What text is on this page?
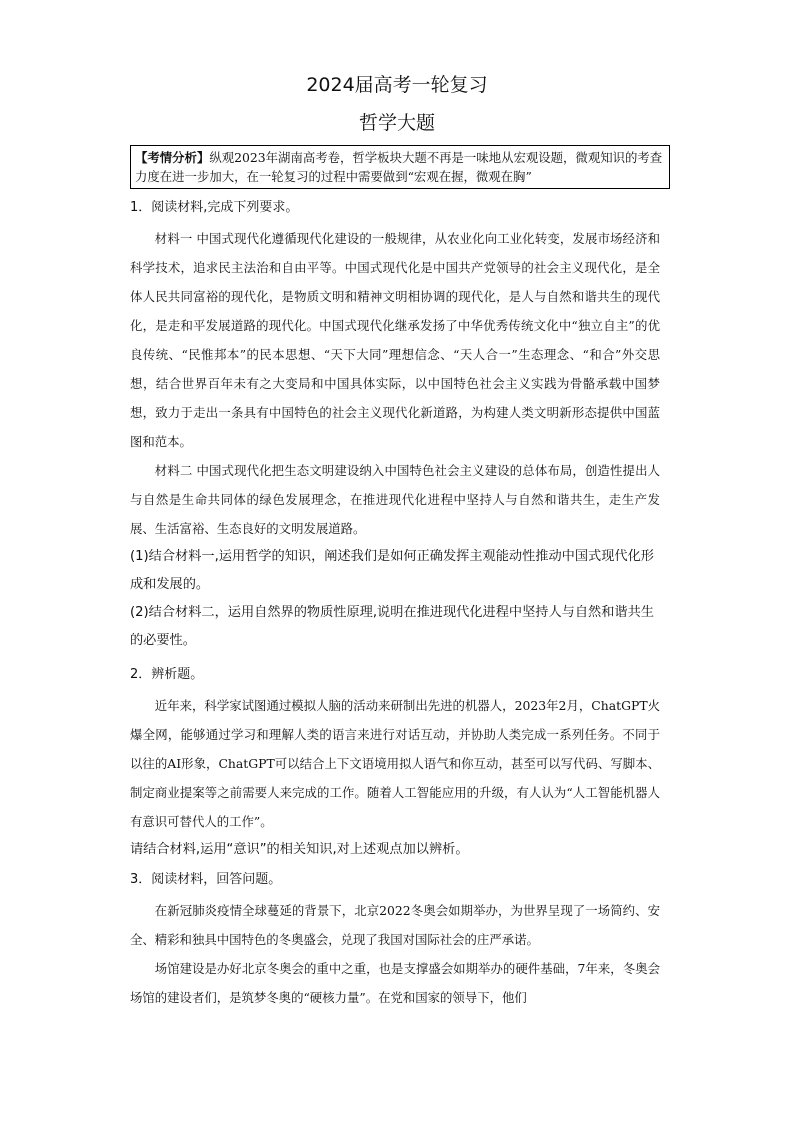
2024届高考一轮复习
哲学大题
【考情分析】纵观2023年湖南高考卷，哲学板块大题不再是一味地从宏观设题，微观知识的考查力度在进一步加大，在一轮复习的过程中需要做到“宏观在握，微观在胸”

1．阅读材料,完成下列要求。

材料一 中国式现代化遵循现代化建设的一般规律，从农业化向工业化转变，发展市场经济和科学技术，追求民主法治和自由平等。中国式现代化是中国共产党领导的社会主义现代化，是全体人民共同富裕的现代化，是物质文明和精神文明相协调的现代化，是人与自然和谐共生的现代化，是走和平发展道路的现代化。中国式现代化继承发扬了中华优秀传统文化中“独立自主”的优良传统、“民惟邦本”的民本思想、“天下大同”理想信念、“天人合一”生态理念、“和合”外交思想，结合世界百年未有之大变局和中国具体实际，以中国特色社会主义实践为骨骼承载中国梦想，致力于走出一条具有中国特色的社会主义现代化新道路，为构建人类文明新形态提供中国蓝图和范本。

材料二 中国式现代化把生态文明建设纳入中国特色社会主义建设的总体布局，创造性提出人与自然是生命共同体的绿色发展理念，在推进现代化进程中坚持人与自然和谐共生，走生产发展、生活富裕、生态良好的文明发展道路。

(1)结合材料一,运用哲学的知识，阐述我们是如何正确发挥主观能动性推动中国式现代化形成和发展的。

(2)结合材料二，运用自然界的物质性原理,说明在推进现代化进程中坚持人与自然和谐共生的必要性。

2．辨析题。

近年来，科学家试图通过模拟人脑的活动来研制出先进的机器人，2023年2月，ChatGPT火爆全网，能够通过学习和理解人类的语言来进行对话互动，并协助人类完成一系列任务。不同于以往的AI形象，ChatGPT可以结合上下文语境用拟人语气和你互动，甚至可以写代码、写脚本、制定商业提案等之前需要人来完成的工作。随着人工智能应用的升级，有人认为“人工智能机器人有意识可替代人的工作”。

请结合材料,运用“意识”的相关知识,对上述观点加以辨析。

3．阅读材料，回答问题。

在新冠肺炎疫情全球蔓延的背景下，北京2022冬奥会如期举办，为世界呈现了一场简约、安全、精彩和独具中国特色的冬奥盛会，兑现了我国对国际社会的庄严承诺。

场馆建设是办好北京冬奥会的重中之重，也是支撑盛会如期举办的硬件基础，7年来，冬奥会场馆的建设者们，是筑梦冬奥的“硬核力量”。在党和国家的领导下，他们
